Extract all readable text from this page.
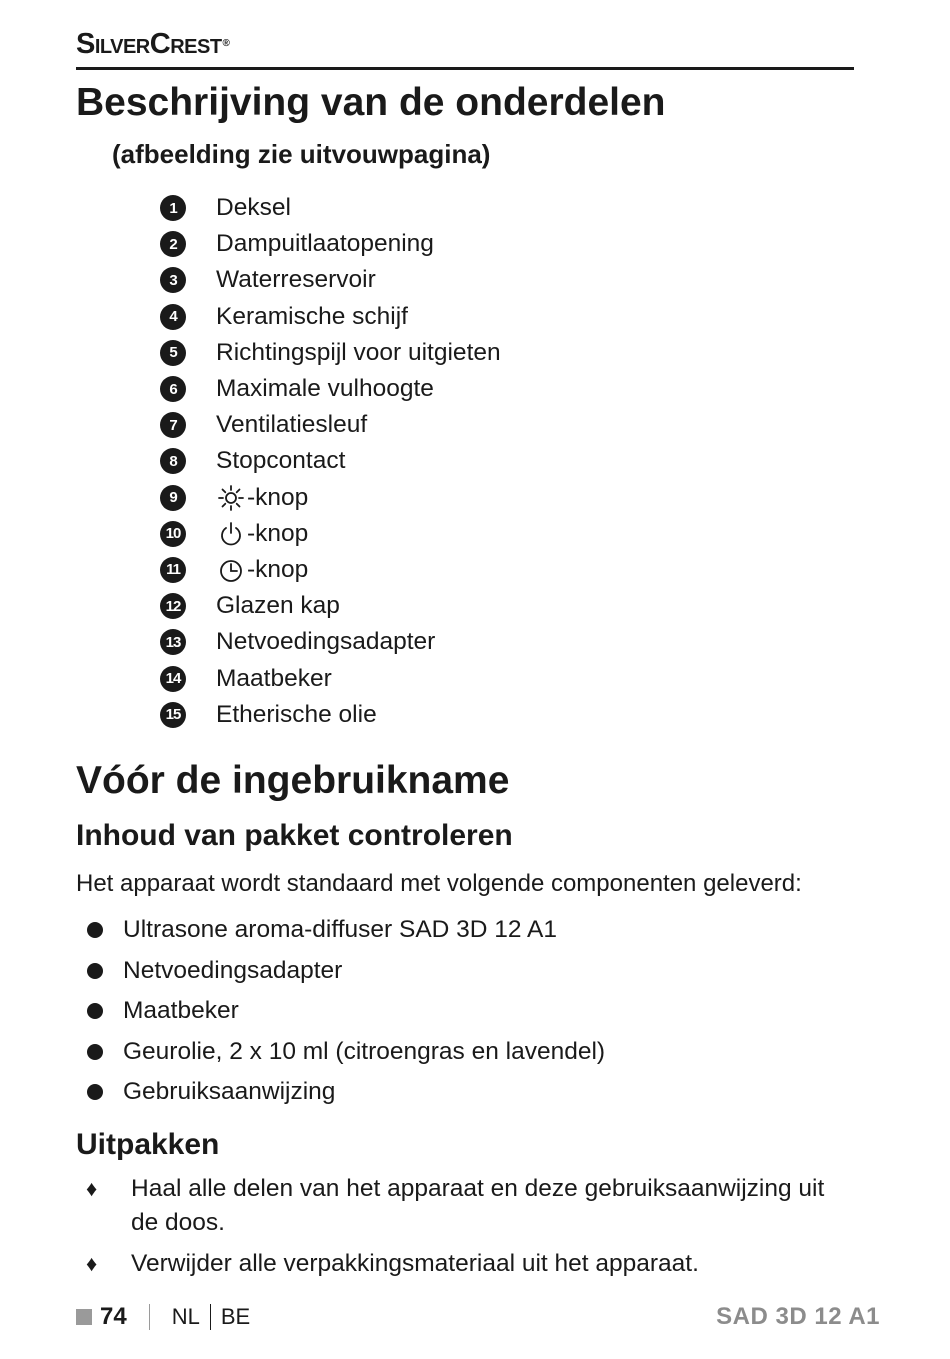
SilverCrest®
Beschrijving van de onderdelen
(afbeelding zie uitvouwpagina)
1	Deksel
2	Dampuitlaatopening
3	Waterreservoir
4	Keramische schijf
5	Richtingspijl voor uitgieten
6	Maximale vulhoogte
7	Ventilatiesleuf
8	Stopcontact
9	-knop
10	-knop
11	-knop
12 Glazen kap
13 Netvoedingsadapter
14 Maatbeker
15 Etherische olie
Vóór de ingebruikname
Inhoud van pakket controleren

Het apparaat wordt standaard met volgende componenten geleverd:

Ultrasone aroma-diffuser SAD 3D 12 A1
Netvoedingsadapter
Maatbeker
Geurolie, 2 x 10 ml (citroengras en lavendel)
Gebruiksaanwijzing
Uitpakken
♦ Haal alle delen van het apparaat en deze gebruiksaanwijzing uit de doos.
♦ Verwijder alle verpakkingsmateriaal uit het apparaat.
74 NL BE	SAD 3D 12 A1
